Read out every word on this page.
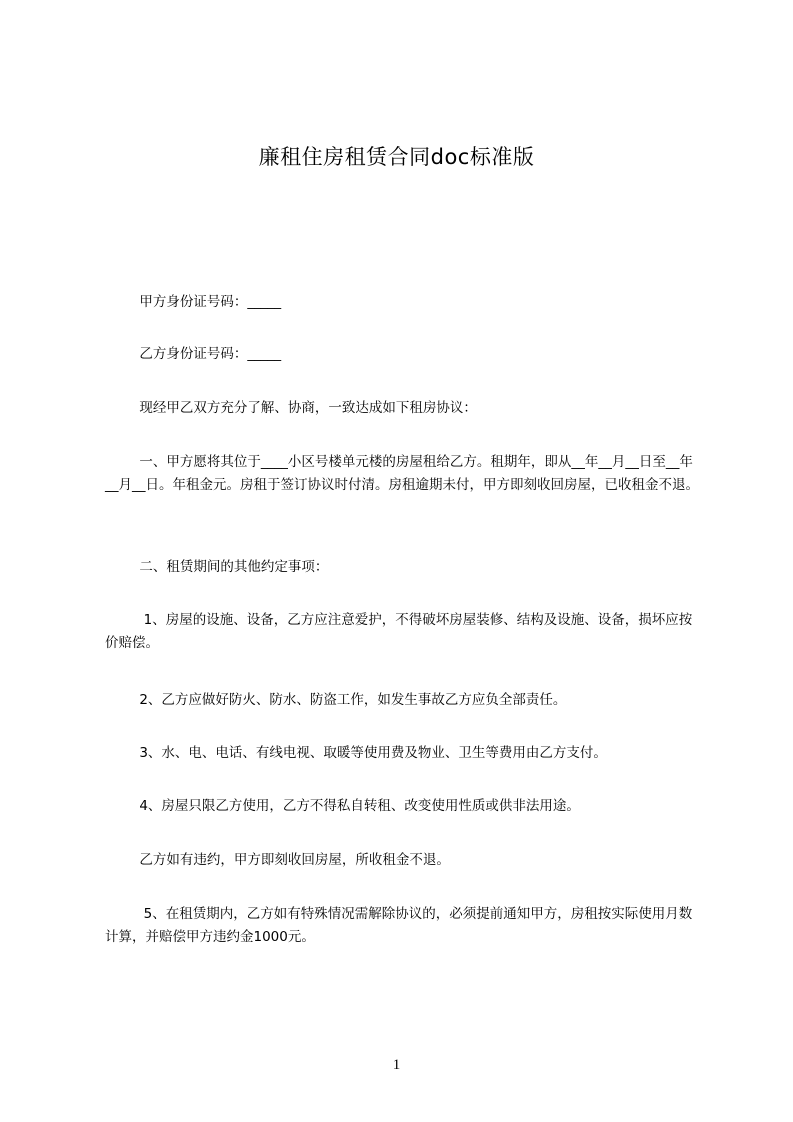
廉租住房租赁合同doc标准版
甲方身份证号码：_____
乙方身份证号码：_____
现经甲乙双方充分了解、协商，一致达成如下租房协议：
一、甲方愿将其位于____小区号楼单元楼的房屋租给乙方。租期年，即从__年__月__日至__年__月__日。年租金元。房租于签订协议时付清。房租逾期未付，甲方即刻收回房屋，已收租金不退。
二、租赁期间的其他约定事项：
1、房屋的设施、设备，乙方应注意爱护，不得破坏房屋装修、结构及设施、设备，损坏应按价赔偿。
2、乙方应做好防火、防水、防盗工作，如发生事故乙方应负全部责任。
3、水、电、电话、有线电视、取暖等使用费及物业、卫生等费用由乙方支付。
4、房屋只限乙方使用，乙方不得私自转租、改变使用性质或供非法用途。
乙方如有违约，甲方即刻收回房屋，所收租金不退。
5、在租赁期内，乙方如有特殊情况需解除协议的，必须提前通知甲方，房租按实际使用月数计算，并赔偿甲方违约金1000元。
1
